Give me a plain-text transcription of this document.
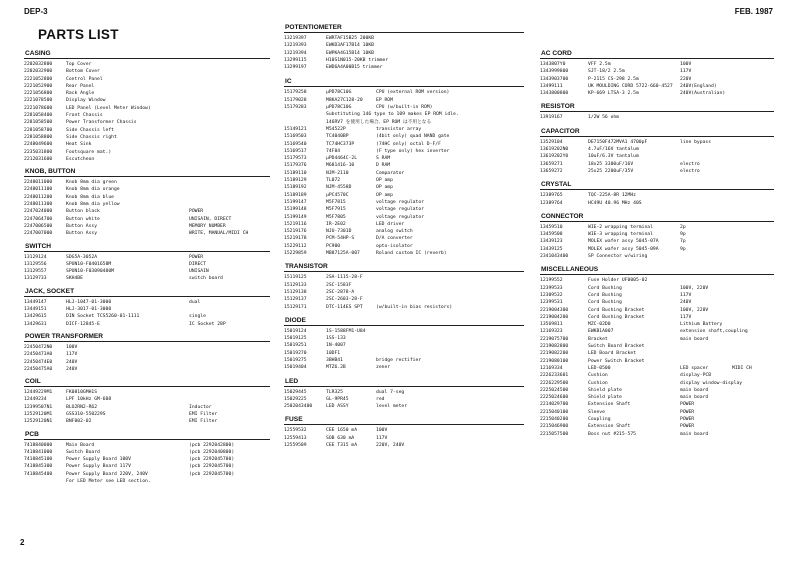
DEP-3	FEB. 1987
PARTS LIST
2
CASING
2202032800	Top Cover
2202032900	Bottom Cover
2221052800	Control Panel
2221052900	Rear Panel
2221056800	Rack Angle
2221078500	Display Window
2221078600	LED Panel (Level Meter Window)
2281058400	Front Chassis
2281058500	Power Transformer Chassis
2281058700	Side Chassis left
2281058800	Side Chassis right
2248049600	Heat Sink
2235031800	Footsquare mat.)
2212031600	Escutcheon
KNOB, BUTTON
2248011000	Knob 8mm dia green
2248011100	Knob 8mm dia orange
2248011200	Knob 8mm dia blue
2248011300	Knob 8mm dia yellow
2247024000	Button black	POWER
2247064700	Button white	UNISAIN, DIRECT
2247006500	Button Assy	MEMORY NUMBER
2247007000	Button Assy	WRITE, MANUAL/MIDI CH
SWITCH
13129124	SDG5A-3052A	POWER
13129556	SPUN10-F0401658M	DIRECT
13129557	SPUN10-F03090480M	UNISAIN
13129733	SKH4BE	switch board
JACK, SOCKET
13449147	HLJ-1047-01-3000	dual
13449151	HLJ-3017-01-3000
13429615	DIN Socket TCS5260-01-1111	single
13429631	DICF-12845-E	IC Socket 28P
POWER TRANSFORMER
22450472N0	100V
22450473A0	117V
22450474E0	240V
22450475A0	240V
COIL
12449229M1	FK0810GMH1S
12449234	LPF 10kHz GM-608
12399507N1	BLO2RN2-R62	Inductor
12529120M1	GSS310-550229S	EMI Filter
12529120N1	BNF002-02	EMI Filter
PCB
7418840000	Main Board	(pcb 2292042800)
7418841000	Switch Board	(pcb 2292040800)
7418845100	Power Supply Board 100V	(pcb 2292045700)
7418845300	Power Supply Board 117V	(pcb 2292045700)
7418845400	Power Supply Board 220V, 240V	(pcb 2292045700)
For LED Meter see LED section.
POTENTIOMETER
13219397	EWRTAF15B25 200KB
13219393	EWKD3AF17B14 10KB
13219394	EWPKA4G15B14 10KB
13299115	H10S1N015-20KB trimmer
13299197	EWD6A4A00B15 trimmer
IC
15179258	µPD78C10G	CPU (external ROM version)
15179028	M8KA27C128-20	EP ROM
15179283	µPD78C10G	CPU (w/built-in ROM)
Substituting 146 type to 109 makes EP ROM idle.
146RV7 を使用した場合、EP ROM は不用となる
15149121	M54522P	transistor array
15169503	TC4040BP	(4bit only) quad NAND gate
15169540	TC74HC373P	(74HC only) octal D-F/F
15169517	74F04	(F type only) hex inverter
15179573	µPD4464C-2L	S RAM
15179376	M681416-10	D RAM
15189110	NJM-2110	Comparator
15189129	TL072	OP amp
15189192	NJM-4558D	OP amp
15189189	µPC4570C	OP amp
15199147	M5F7815	voltage regulator
15199148	M5F7915	voltage regulator
15199149	M5F7805	voltage regulator
15219116	IR-2E02	LED driver
15219176	NJU-7301D	analog switch
15219178	PCM-54HP-S	D/A converter
15229112	PC900	opto-isolator
15229859	MB87125A-007	Roland custom IC (reverb)
TRANSISTOR
15119125	2SA-1115-28-F
15129133	2SC-1583F
15129138	2SC-2878-A
15129137	2SC-2603-28-F
15129171	DTC-114ES SPT	(w/built-in bias resistors)
DIODE
15019124	1S-1588FM1-U84
15019125	1SS-133
15019251	1N-4007
15019270	10DF1
15019275	3BHB41	bridge rectifier
15019404	MTZ6.2B	zener
LED
15029445	TLR325	dual 7-seg
15029225	GL-9PR45	red
2502043400	LED ASSY	level meter
FUSE
12559532	CEE 1650 mA	100V
12559413	SOB 630 mA	117V
12559509	CEE T315 mA	220V, 240V
AC CORD
1343807Y0	VFF 2.5m	100V
1343999800	SJT-18/2 2.5m	117V
1343903700	P-2115 CS-298 2.5m	220V
13499111	UK MOULDING CORD 5722-660-4527 240V(England)
1343800800	KP-669 LTSA-3 2.5m	240V(Australian)
RESISTOR
13919167	1/2W 56 ohm
CAPACITOR
13529104	DE7150F472MVA1 4700pF	line bypass
13619202N0	4.7uF/16V tantalum
13619202Y0	10uF/6.3V tantalum
13659271	18x25 3300uF/16V	electro
13659272	25x25 2200uF/35V	electro
CRYSTAL
12389765	TQC-225A-8R 12MHz
12389764	HC49U 40.96 MHz 40S
CONNECTOR
13459510	WIE-2 wrapping terminal	2p
13459508	WIE-3 wrapping terminal	9p
13439123	MOLEX wafer assy 5045-07A	7p
13439125	MOLEX wafer assy 5045-09A	9p
2341043400	SP Connector w/wiring
MISCELLANEOUS
12199552	Fuse Holder UF0005-02
12399533	Cord Bushing	100V, 220V
12309532	Cord Bushing	117V
12399531	Cord Bushing	240V
2219004300	Cord Bushing Bracket	100V, 220V
2219004200	Cord Bushing Bracket	117V
13569811	MZC-02D0	Lithium Battery
12169323	EWKB1A007	extension shaft,coupling
2219075700	Bracket	main board
2219082800	Switch Board Bracket
2219082200	LED Board Bracket
2219080100	Power Switch Bracket
12169334	LED-0500	LED spacer	MIDI CH
2226233601	Cushion	display-PCB
2226229500	Cushion	display window-display
2225024500	Shield plate	main board
2225024600	Shield plate	main board
2214029700	Extension Shaft	POWER
2215040100	Sleeve	POWER
2215040200	Coupling	POWER
2215046900	Extension Shaft	POWER
2215057500	Boss nut #215-575	main board
